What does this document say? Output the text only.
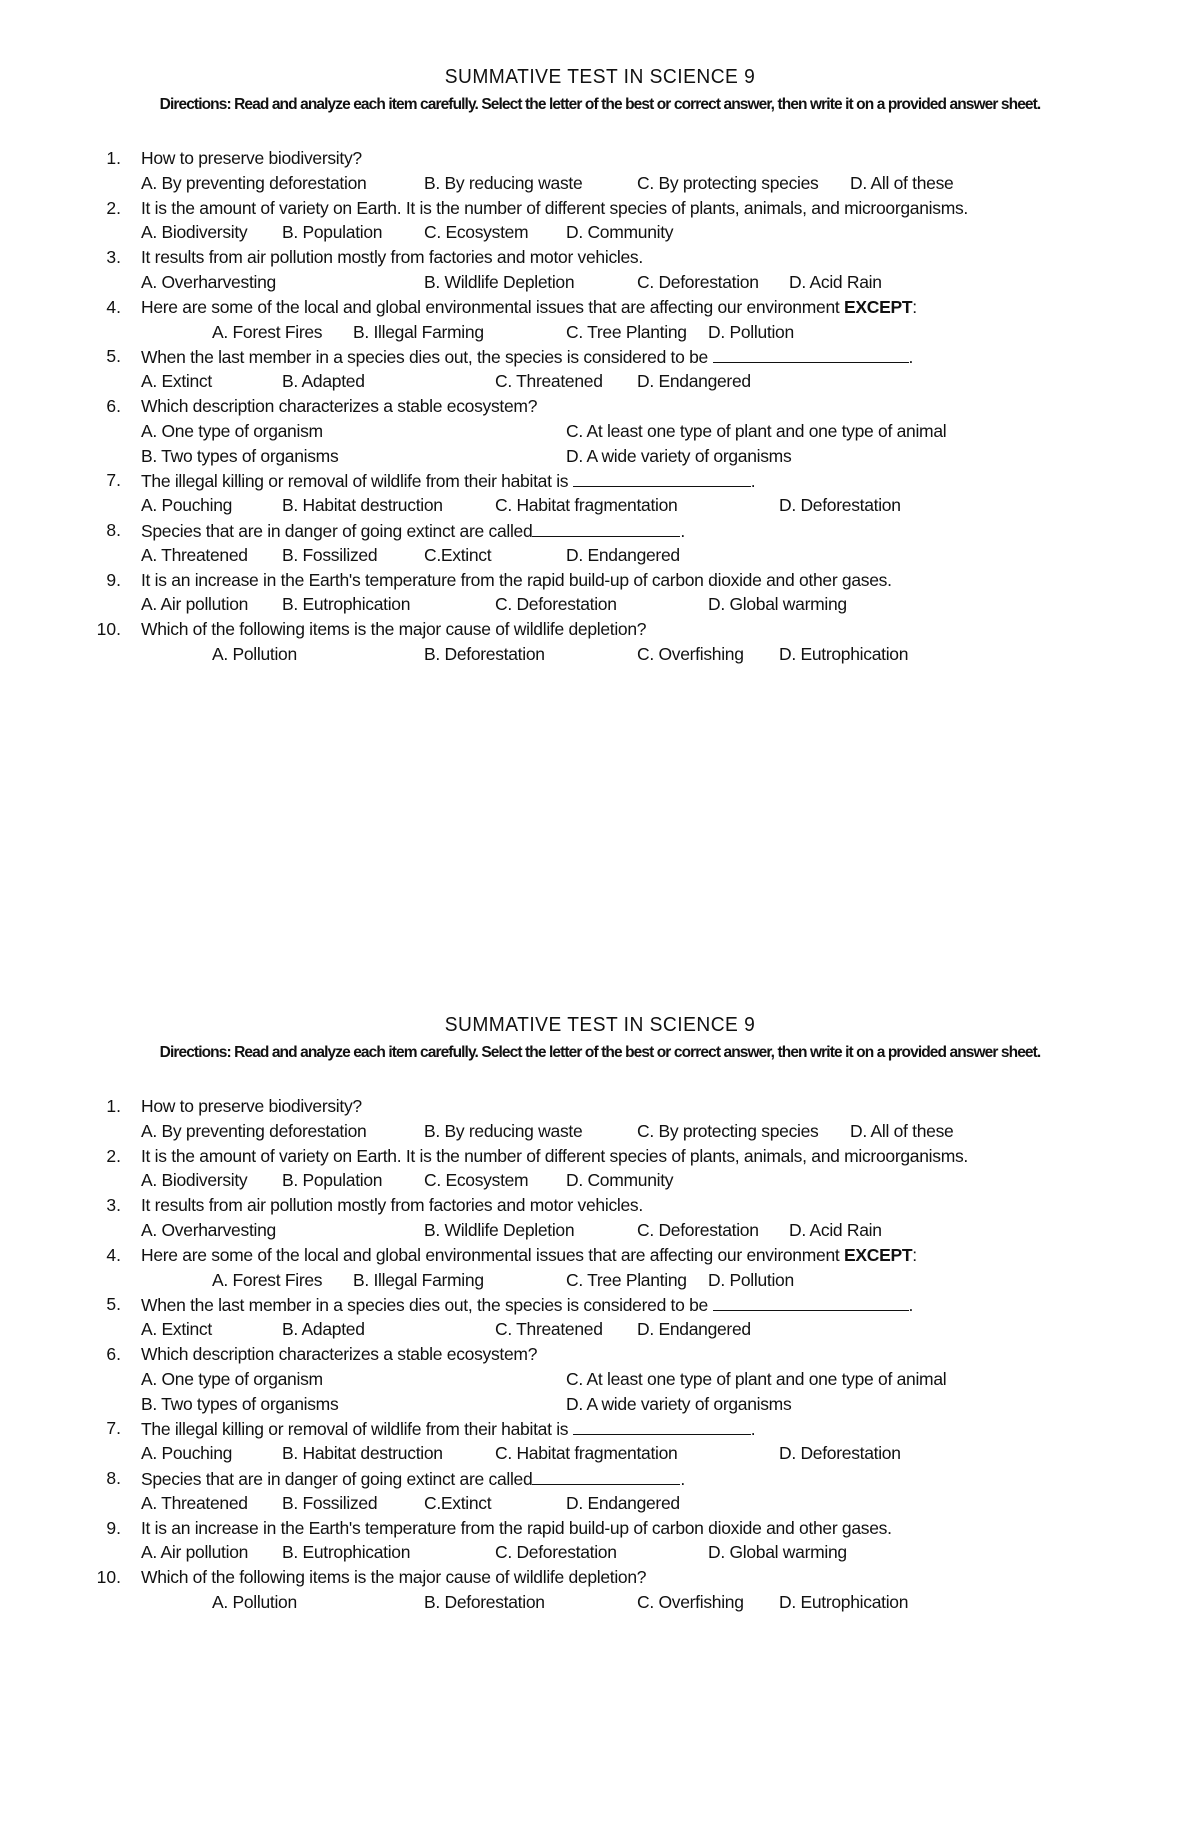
SUMMATIVE TEST IN SCIENCE 9
Directions: Read and analyze each item carefully. Select the letter of the best or correct answer, then write it on a provided answer sheet.
1. How to preserve biodiversity?
A. By preventing deforestation	B. By reducing waste	C. By protecting species D. All of these
2. It is the amount of variety on Earth. It is the number of different species of plants, animals, and microorganisms.
A. Biodiversity B. Population C. Ecosystem D. Community
3. It results from air pollution mostly from factories and motor vehicles.
A. Overharvesting	B. Wildlife Depletion	C. Deforestation D. Acid Rain
4. Here are some of the local and global environmental issues that are affecting our environment EXCEPT:
A. Forest Fires B. Illegal Farming	C. Tree Planting D. Pollution
5. When the last member in a species dies out, the species is considered to be	.
A. Extinct	B. Adapted	C. Threatened D. Endangered
6. Which description characterizes a stable ecosystem?
A. One type of organism	C. At least one type of plant and one type of animal
B. Two types of organisms	D. A wide variety of organisms
7. The illegal killing or removal of wildlife from their habitat is	.
A. Pouching	B. Habitat destruction	C. Habitat fragmentation	D. Deforestation
8. Species that are in danger of going extinct are called	.
A. Threatened B. Fossilized	C.Extinct	D. Endangered
9. It is an increase in the Earth's temperature from the rapid build-up of carbon dioxide and other gases.
A. Air pollution B. Eutrophication	C. Deforestation	D. Global warming
10. Which of the following items is the major cause of wildlife depletion?
A. Pollution	B. Deforestation	C. Overfishing D. Eutrophication
SUMMATIVE TEST IN SCIENCE 9
Directions: Read and analyze each item carefully. Select the letter of the best or correct answer, then write it on a provided answer sheet.
1. How to preserve biodiversity?
A. By preventing deforestation	B. By reducing waste	C. By protecting species D. All of these
2. It is the amount of variety on Earth. It is the number of different species of plants, animals, and microorganisms.
A. Biodiversity B. Population C. Ecosystem D. Community
3. It results from air pollution mostly from factories and motor vehicles.
A. Overharvesting	B. Wildlife Depletion	C. Deforestation D. Acid Rain
4. Here are some of the local and global environmental issues that are affecting our environment EXCEPT:
A. Forest Fires B. Illegal Farming	C. Tree Planting D. Pollution
5. When the last member in a species dies out, the species is considered to be	.
A. Extinct	B. Adapted	C. Threatened D. Endangered
6. Which description characterizes a stable ecosystem?
A. One type of organism	C. At least one type of plant and one type of animal
B. Two types of organisms	D. A wide variety of organisms
7. The illegal killing or removal of wildlife from their habitat is	.
A. Pouching	B. Habitat destruction	C. Habitat fragmentation	D. Deforestation
8. Species that are in danger of going extinct are called	.
A. Threatened B. Fossilized	C.Extinct	D. Endangered
9. It is an increase in the Earth's temperature from the rapid build-up of carbon dioxide and other gases.
A. Air pollution B. Eutrophication	C. Deforestation	D. Global warming
10. Which of the following items is the major cause of wildlife depletion?
A. Pollution	B. Deforestation	C. Overfishing D. Eutrophication
